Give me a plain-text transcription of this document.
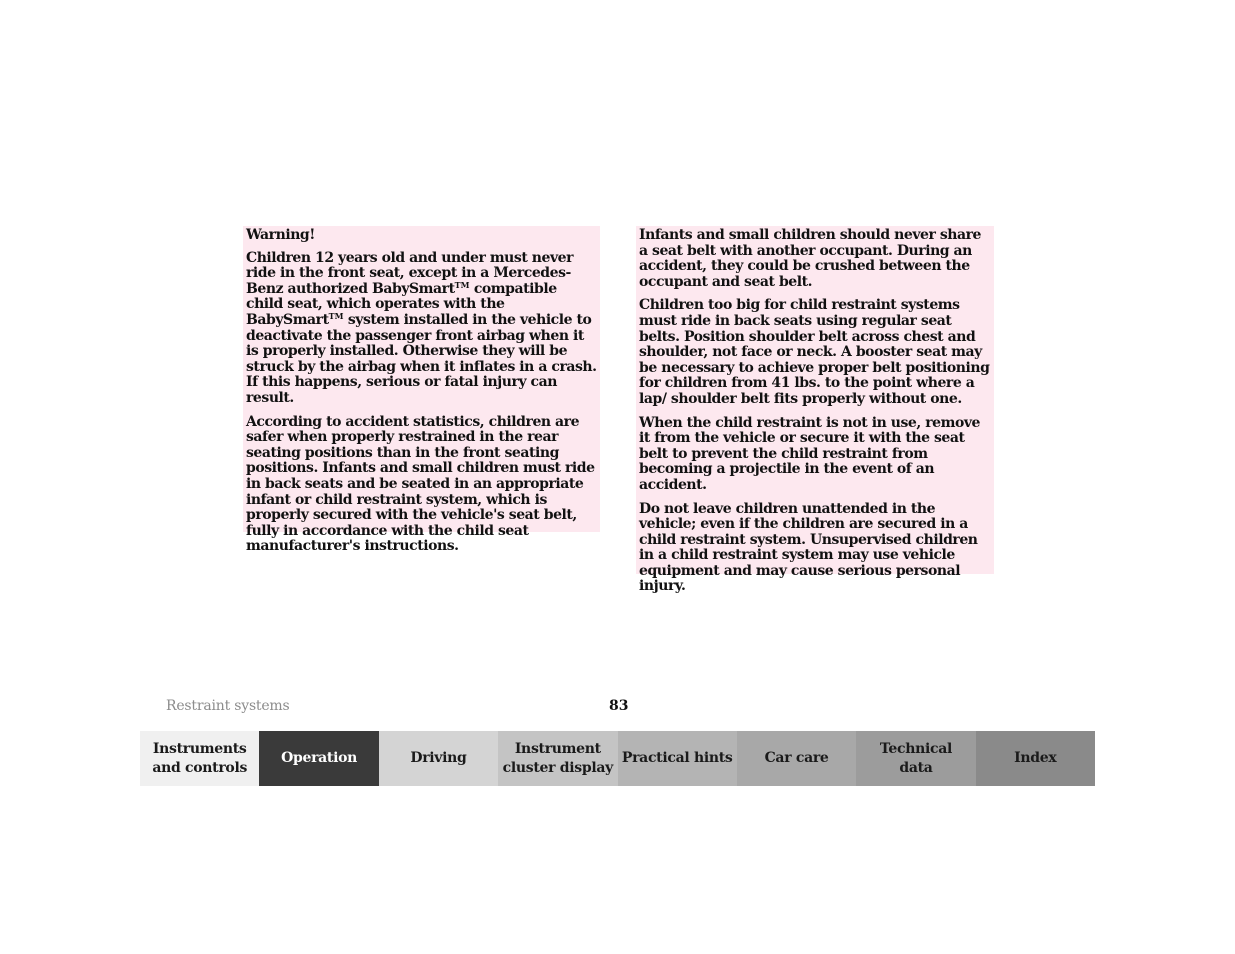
Warning!

Children 12 years old and under must never ride in the front seat, except in a Mercedes-Benz authorized BabySmart™ compatible child seat, which operates with the BabySmart™ system installed in the vehicle to deactivate the passenger front airbag when it is properly installed. Otherwise they will be struck by the airbag when it inflates in a crash. If this happens, serious or fatal injury can result.

According to accident statistics, children are safer when properly restrained in the rear seating positions than in the front seating positions. Infants and small children must ride in back seats and be seated in an appropriate infant or child restraint system, which is properly secured with the vehicle's seat belt, fully in accordance with the child seat manufacturer's instructions.

Infants and small children should never share a seat belt with another occupant. During an accident, they could be crushed between the occupant and seat belt.

Children too big for child restraint systems must ride in back seats using regular seat belts. Position shoulder belt across chest and shoulder, not face or neck. A booster seat may be necessary to achieve proper belt positioning for children from 41 lbs. to the point where a lap/ shoulder belt fits properly without one.

When the child restraint is not in use, remove it from the vehicle or secure it with the seat belt to prevent the child restraint from becoming a projectile in the event of an accident.

Do not leave children unattended in the vehicle; even if the children are secured in a child restraint system. Unsupervised children in a child restraint system may use vehicle equipment and may cause serious personal injury.

Restraint systems	83
Instruments
and controls
Operation	Driving
Instrument
cluster display
Practical hints	Car care
Technical
data
Index
